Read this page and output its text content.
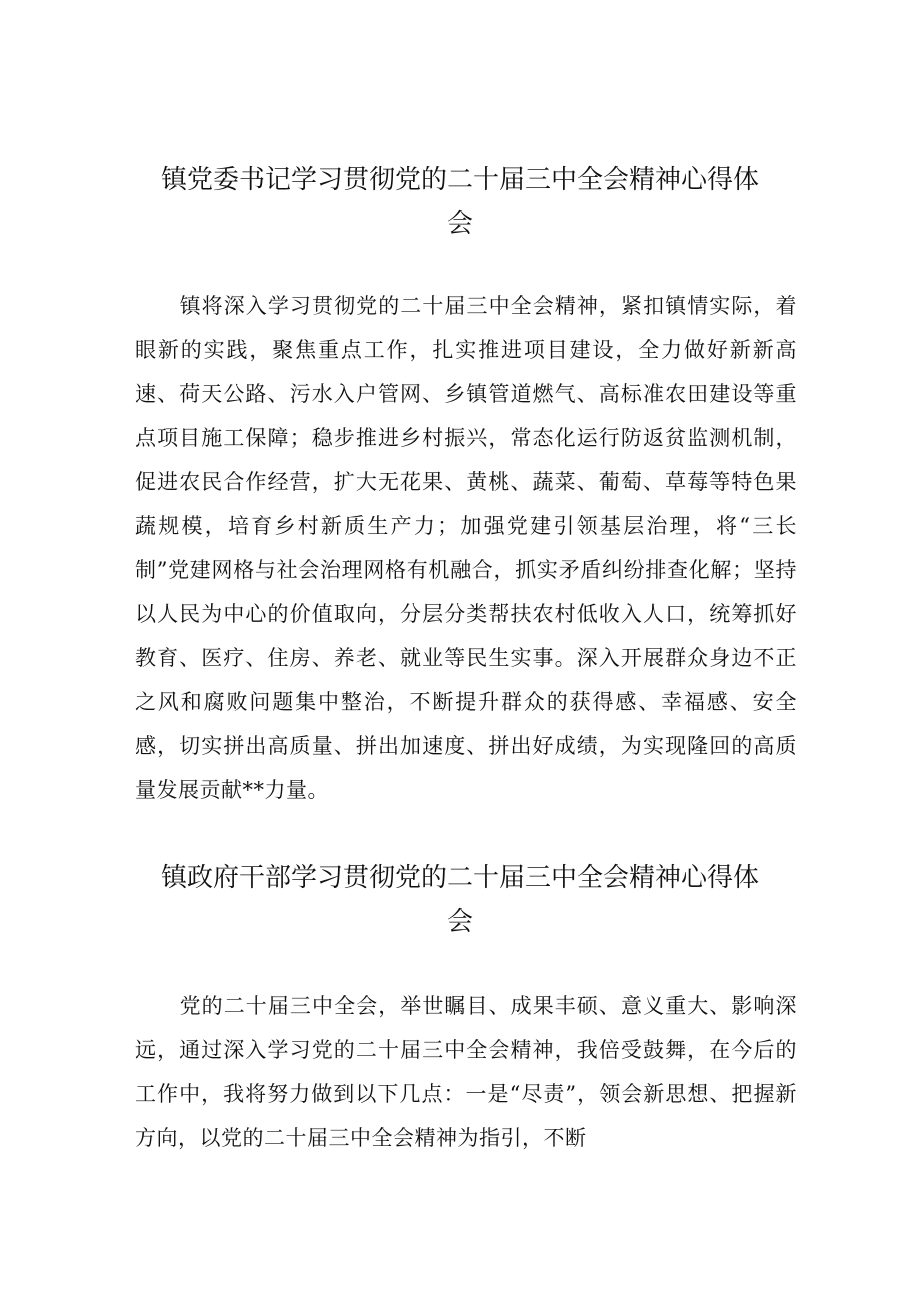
镇党委书记学习贯彻党的二十届三中全会精神心得体
会

镇将深入学习贯彻党的二十届三中全会精神，紧扣镇情实际，着眼新的实践，聚焦重点工作，扎实推进项目建设，全力做好新新高速、荷天公路、污水入户管网、乡镇管道燃气、高标准农田建设等重点项目施工保障；稳步推进乡村振兴，常态化运行防返贫监测机制，促进农民合作经营，扩大无花果、黄桃、蔬菜、葡萄、草莓等特色果蔬规模，培育乡村新质生产力；加强党建引领基层治理，将“三长制”党建网格与社会治理网格有机融合，抓实矛盾纠纷排查化解；坚持以人民为中心的价值取向，分层分类帮扶农村低收入人口，统筹抓好教育、医疗、住房、养老、就业等民生实事。深入开展群众身边不正之风和腐败问题集中整治，不断提升群众的获得感、幸福感、安全感，切实拼出高质量、拼出加速度、拼出好成绩，为实现隆回的高质量发展贡献**力量。

镇政府干部学习贯彻党的二十届三中全会精神心得体
会

党的二十届三中全会，举世瞩目、成果丰硕、意义重大、影响深远，通过深入学习党的二十届三中全会精神，我倍受鼓舞，在今后的工作中，我将努力做到以下几点：一是“尽责”，领会新思想、把握新方向，以党的二十届三中全会精神为指引，不断
